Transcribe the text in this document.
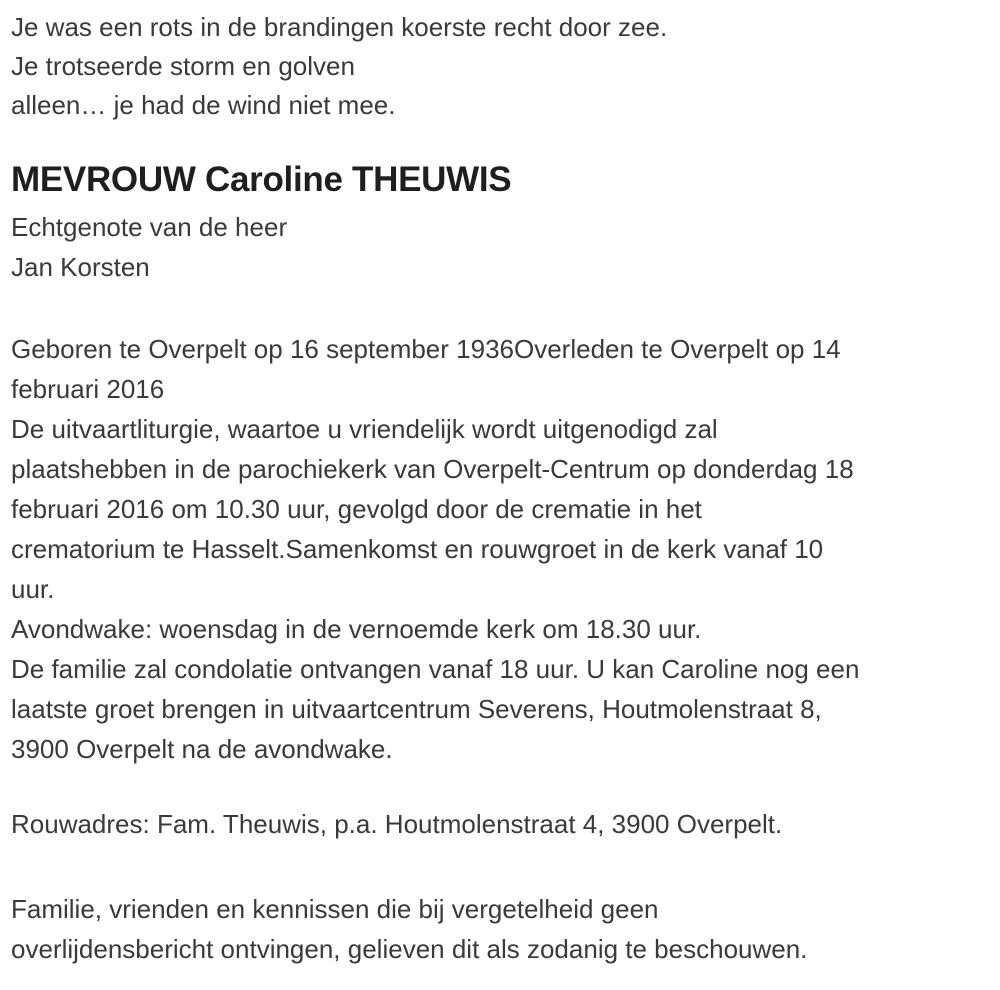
Je was een rots in de brandingen koerste recht door zee.
Je trotseerde storm en golven
alleen… je had de wind niet mee.
MEVROUW Caroline THEUWIS
Echtgenote van de heer
Jan Korsten
Geboren te Overpelt op 16 september 1936Overleden te Overpelt op 14
februari 2016
De uitvaartliturgie, waartoe u vriendelijk wordt uitgenodigd zal
plaatshebben in de parochiekerk van Overpelt-Centrum op donderdag 18
februari 2016 om 10.30 uur, gevolgd door de crematie in het
crematorium te Hasselt.Samenkomst en rouwgroet in de kerk vanaf 10
uur.
Avondwake: woensdag in de vernoemde kerk om 18.30 uur.
De familie zal condolatie ontvangen vanaf 18 uur. U kan Caroline nog een
laatste groet brengen in uitvaartcentrum Severens, Houtmolenstraat 8,
3900 Overpelt na de avondwake.
Rouwadres: Fam. Theuwis, p.a. Houtmolenstraat 4, 3900 Overpelt.
Familie, vrienden en kennissen die bij vergetelheid geen
overlijdensbericht ontvingen, gelieven dit als zodanig te beschouwen.
